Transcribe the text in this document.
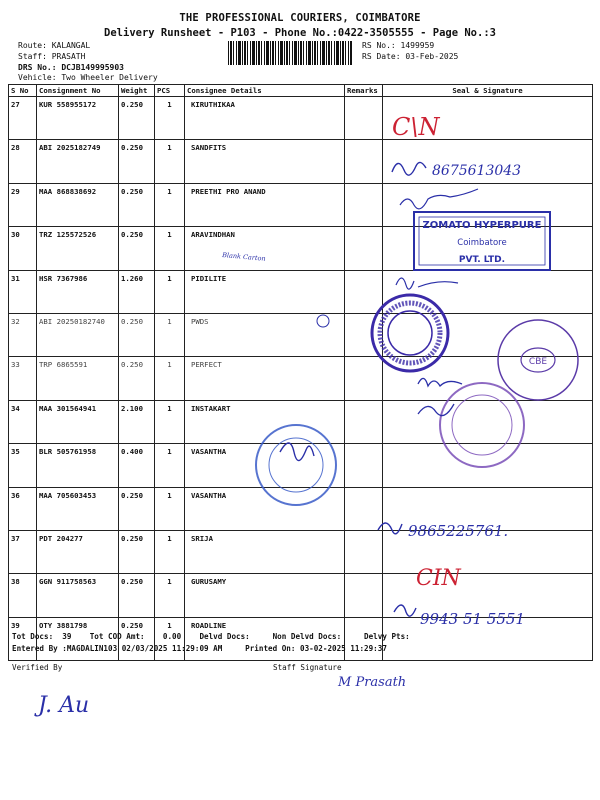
THE PROFESSIONAL COURIERS, COIMBATORE
Delivery Runsheet - P103 - Phone No.:0422-3505555 - Page No.:3
Route: KALANGAL
Staff: PRASATH
DRS No.: DCJB149995903
Vehicle: Two Wheeler Delivery
RS No.: 1499959
RS Date: 03-Feb-2025
S No	Consignment No	Weight	PCS	Consignee Details	Remarks	Seal & Signature
27	KUR 558955172	0.250	1	KIRUTHIKAA		
28	ABI 2025182749	0.250	1	SANDFITS		
29	MAA 868838692	0.250	1	PREETHI PRO ANAND		
30	TRZ 125572526	0.250	1	ARAVINDHAN		
31	HSR 7367986	1.260	1	PIDILITE		
32	ABI 20250182740	0.250	1	PWDS		
33	TRP 6865591	0.250	1	PERFECT		
34	MAA 301564941	2.100	1	INSTAKART		
35	BLR 505761958	0.400	1	VASANTHA		
36	MAA 705603453	0.250	1	VASANTHA		
37	PDT 204277	0.250	1	SRIJA		
38	GGN 911758563	0.250	1	GURUSAMY		
39	OTY 3881798	0.250	1	ROADLINE		
Tot Docs:  39    Tot COD Amt:    0.00    Delvd Docs:     Non Delvd Docs:     Delvy Pts:
Entered By :MAGDALIN103 02/03/2025 11:29:09 AM     Printed On: 03-02-2025 11:29:37
Verified By	Staff Signature
C\N
8675613043
Blank Carton
ZOMATO HYPERPURE
Coimbatore
PVT. LTD.
CBE
9865225761.
CIN
9943 51 5551
J. Au
M Prasath
